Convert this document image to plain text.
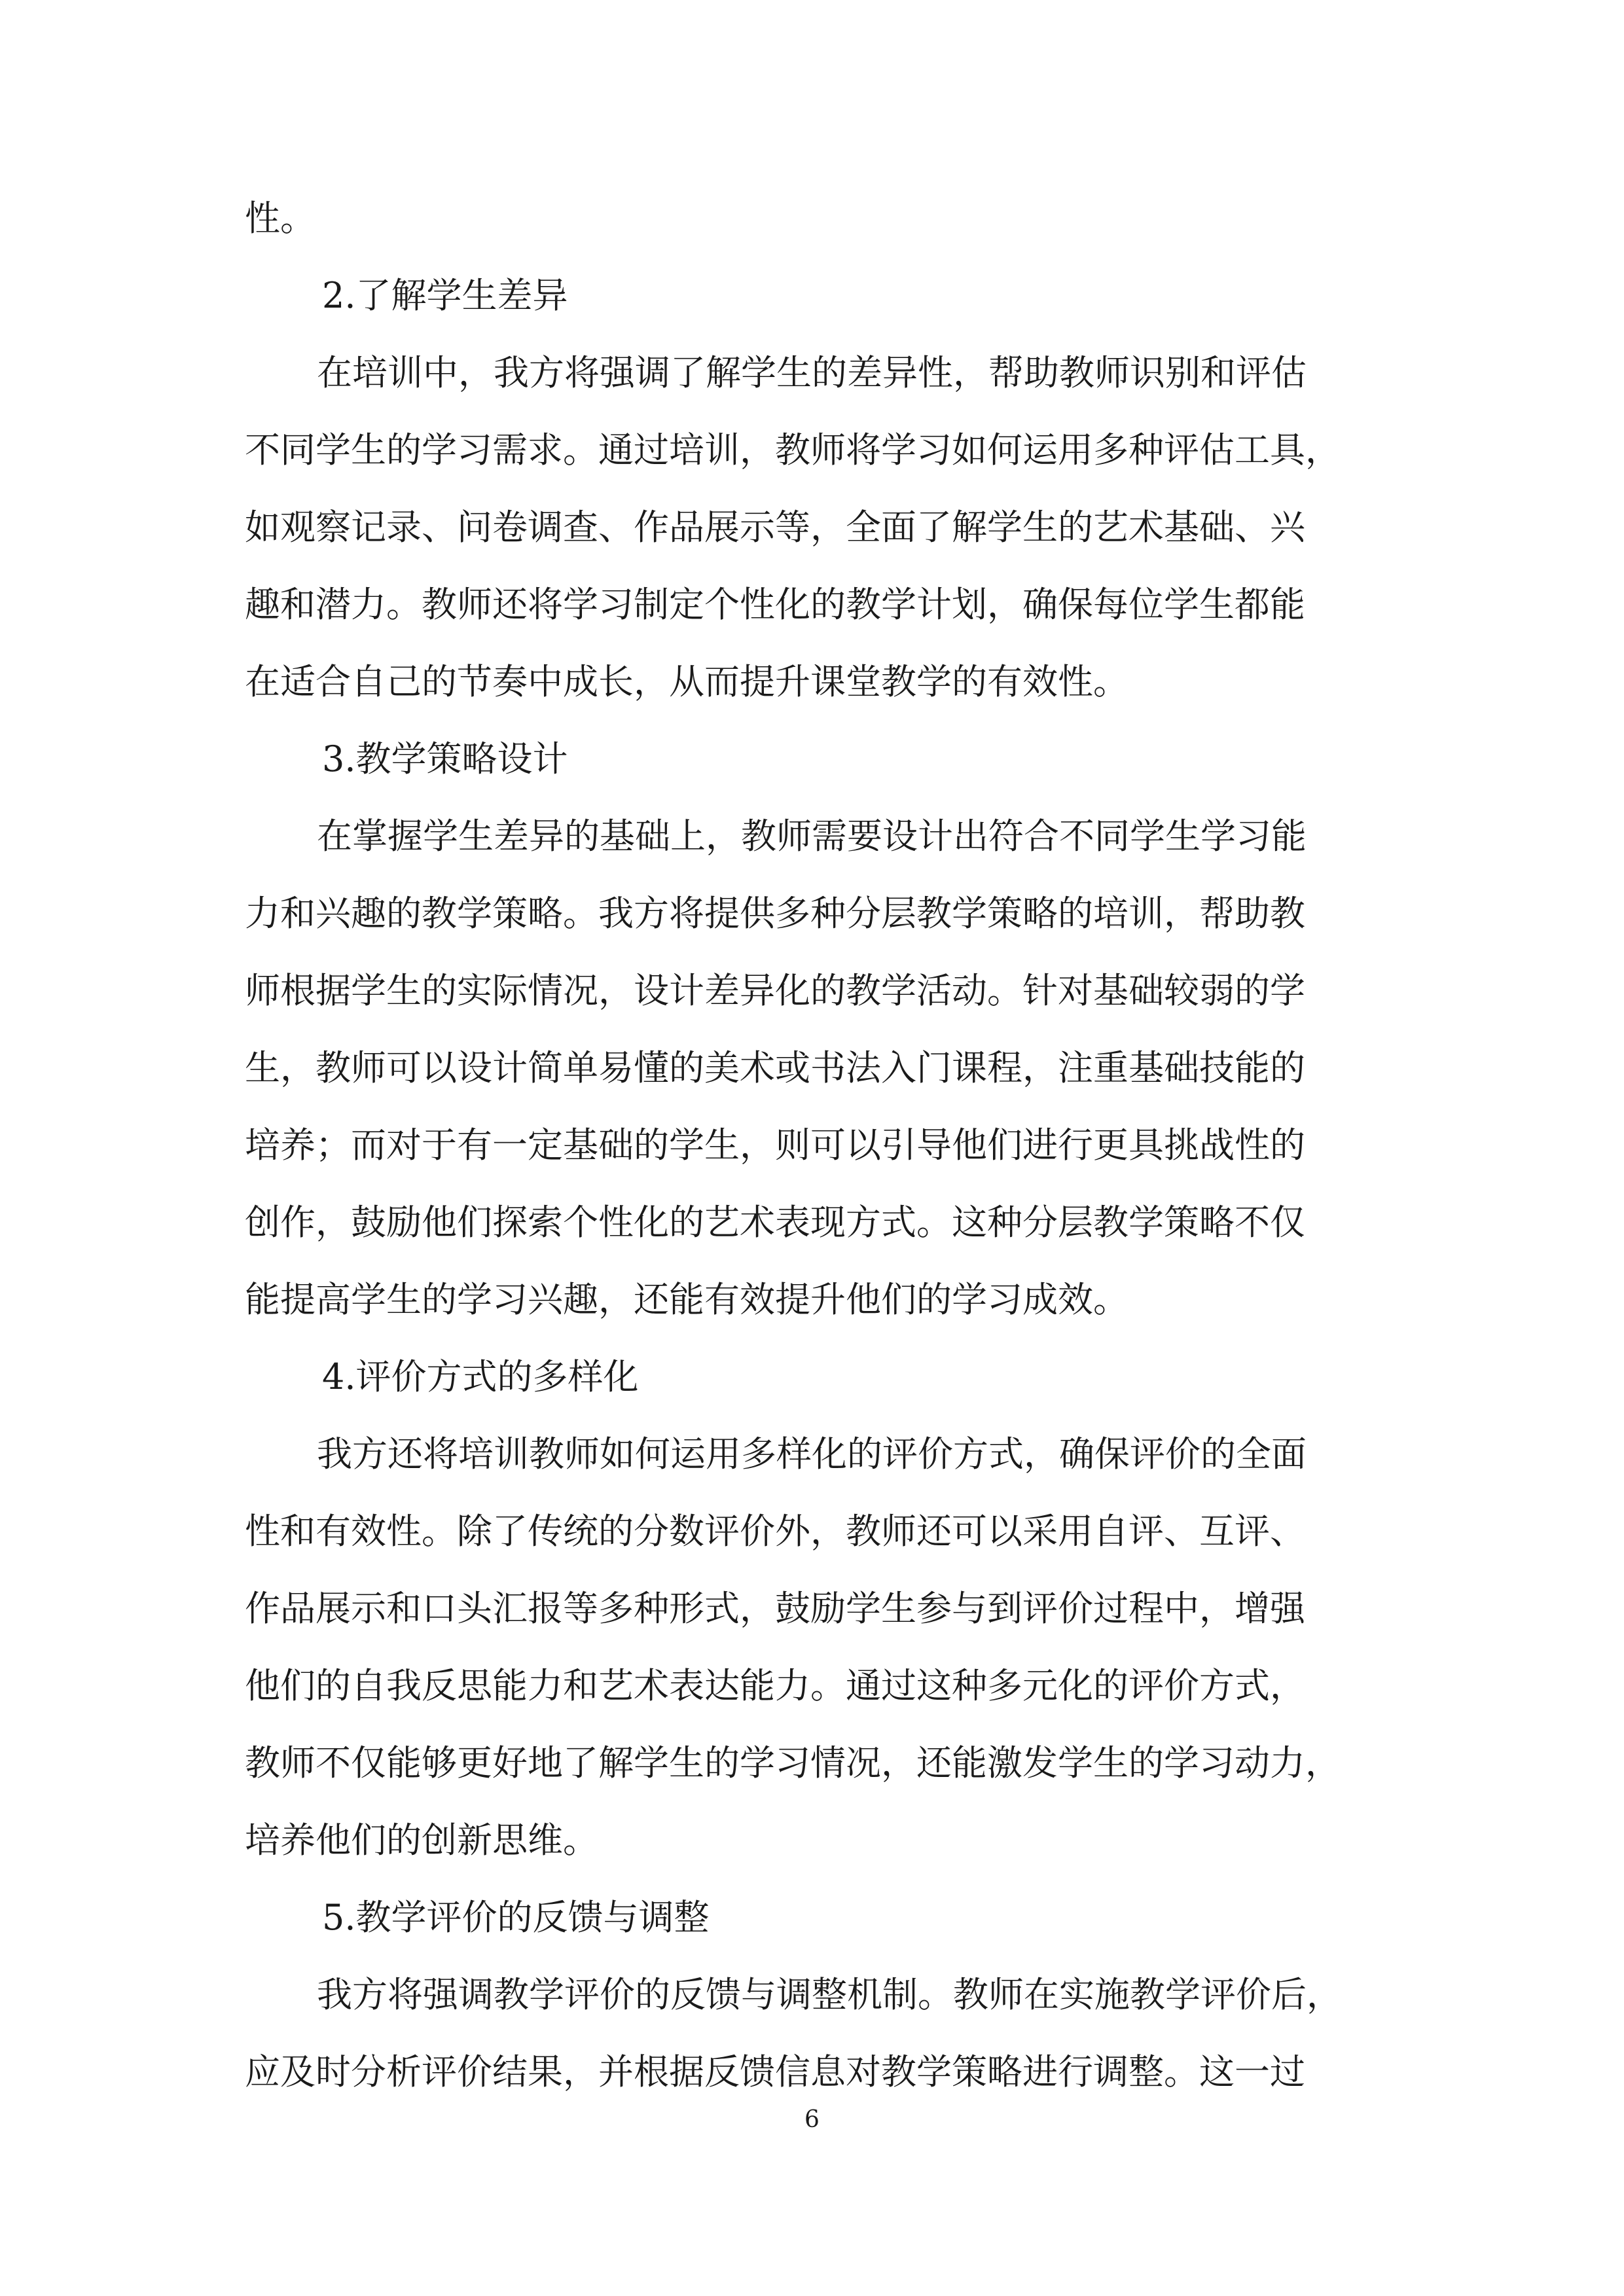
性。
2.了解学生差异
在培训中，我方将强调了解学生的差异性，帮助教师识别和评估
不同学生的学习需求。通过培训，教师将学习如何运用多种评估工具，
如观察记录、问卷调查、作品展示等，全面了解学生的艺术基础、兴
趣和潜力。教师还将学习制定个性化的教学计划，确保每位学生都能
在适合自己的节奏中成长，从而提升课堂教学的有效性。
3.教学策略设计
在掌握学生差异的基础上，教师需要设计出符合不同学生学习能
力和兴趣的教学策略。我方将提供多种分层教学策略的培训，帮助教
师根据学生的实际情况，设计差异化的教学活动。针对基础较弱的学
生，教师可以设计简单易懂的美术或书法入门课程，注重基础技能的
培养；而对于有一定基础的学生，则可以引导他们进行更具挑战性的
创作，鼓励他们探索个性化的艺术表现方式。这种分层教学策略不仅
能提高学生的学习兴趣，还能有效提升他们的学习成效。
4.评价方式的多样化
我方还将培训教师如何运用多样化的评价方式，确保评价的全面
性和有效性。除了传统的分数评价外，教师还可以采用自评、互评、
作品展示和口头汇报等多种形式，鼓励学生参与到评价过程中，增强
他们的自我反思能力和艺术表达能力。通过这种多元化的评价方式，
教师不仅能够更好地了解学生的学习情况，还能激发学生的学习动力，
培养他们的创新思维。
5.教学评价的反馈与调整
我方将强调教学评价的反馈与调整机制。教师在实施教学评价后，
应及时分析评价结果，并根据反馈信息对教学策略进行调整。这一过
6
